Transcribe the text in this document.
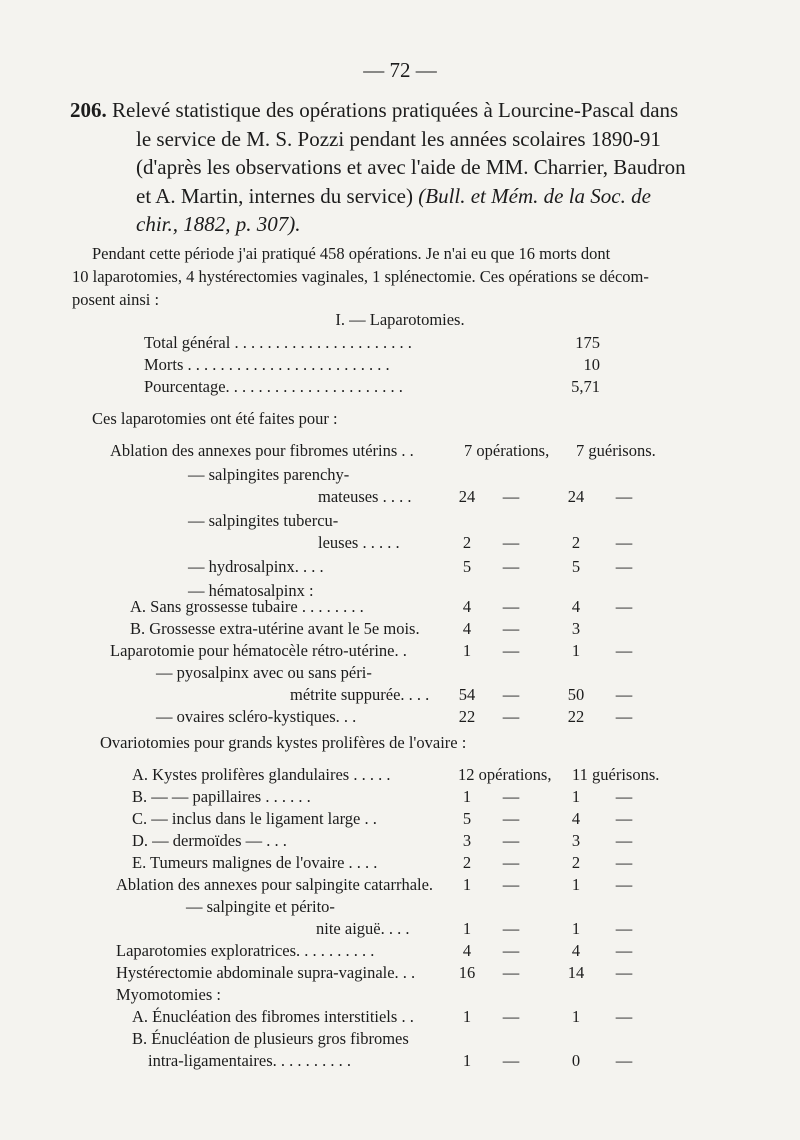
— 72 —
206. Relevé statistique des opérations pratiquées à Lourcine-Pascal dans
le service de M. S. Pozzi pendant les années scolaires 1890-91
(d'après les observations et avec l'aide de MM. Charrier, Baudron
et A. Martin, internes du service) (Bull. et Mém. de la Soc. de
chir., 1882, p. 307).
Pendant cette période j'ai pratiqué 458 opérations. Je n'ai eu que 16 morts dont
10 laparotomies, 4 hystérectomies vaginales, 1 splénectomie. Ces opérations se décom-
posent ainsi :
I. — Laparotomies.
Total général . . . . . . . . . . . . . . . . . . . . . .	175
Morts . . . . . . . . . . . . . . . . . . . . . . . . .	10
Pourcentage. . . . . . . . . . . . . . . . . . . . . .	5,71
Ces laparotomies ont été faites pour :
Ablation des annexes pour fibromes utérins . .	7 opérations, 7 guérisons.
— salpingites parenchy-
mateuses . . . .	24	—	24	—
— salpingites tubercu-
leuses . . . . .	2	—	2	—
— hydrosalpinx. . . .	5	—	5	—
— hématosalpinx :
A. Sans grossesse tubaire . . . . . . . .	4	—	4	—
B. Grossesse extra-utérine avant le 5e mois.	4	—	3
Laparotomie pour hématocèle rétro-utérine. .	1	—	1	—
— pyosalpinx avec ou sans péri-
métrite suppurée. . . .	54	—	50	—
— ovaires scléro-kystiques. . .	22	—	22	—
Ovariotomies pour grands kystes prolifères de l'ovaire :
A. Kystes prolifères glandulaires . . . . .	12 opérations, 11 guérisons.
B. — — papillaires . . . . . .	1	—	1	—
C. — inclus dans le ligament large . .	5	—	4	—
D. — dermoïdes — . . .	3	—	3	—
E. Tumeurs malignes de l'ovaire . . . .	2	—	2	—
Ablation des annexes pour salpingite catarrhale.	1	—	1	—
— salpingite et périto-
nite aiguë. . . .	1	—	1	—
Laparotomies exploratrices. . . . . . . . . .	4	—	4	—
Hystérectomie abdominale supra-vaginale. . .	16	—	14	—
Myomotomies :
A. Énucléation des fibromes interstitiels . .	1	—	1	—
B. Énucléation de plusieurs gros fibromes
intra-ligamentaires. . . . . . . . . .	1	—	0	—
